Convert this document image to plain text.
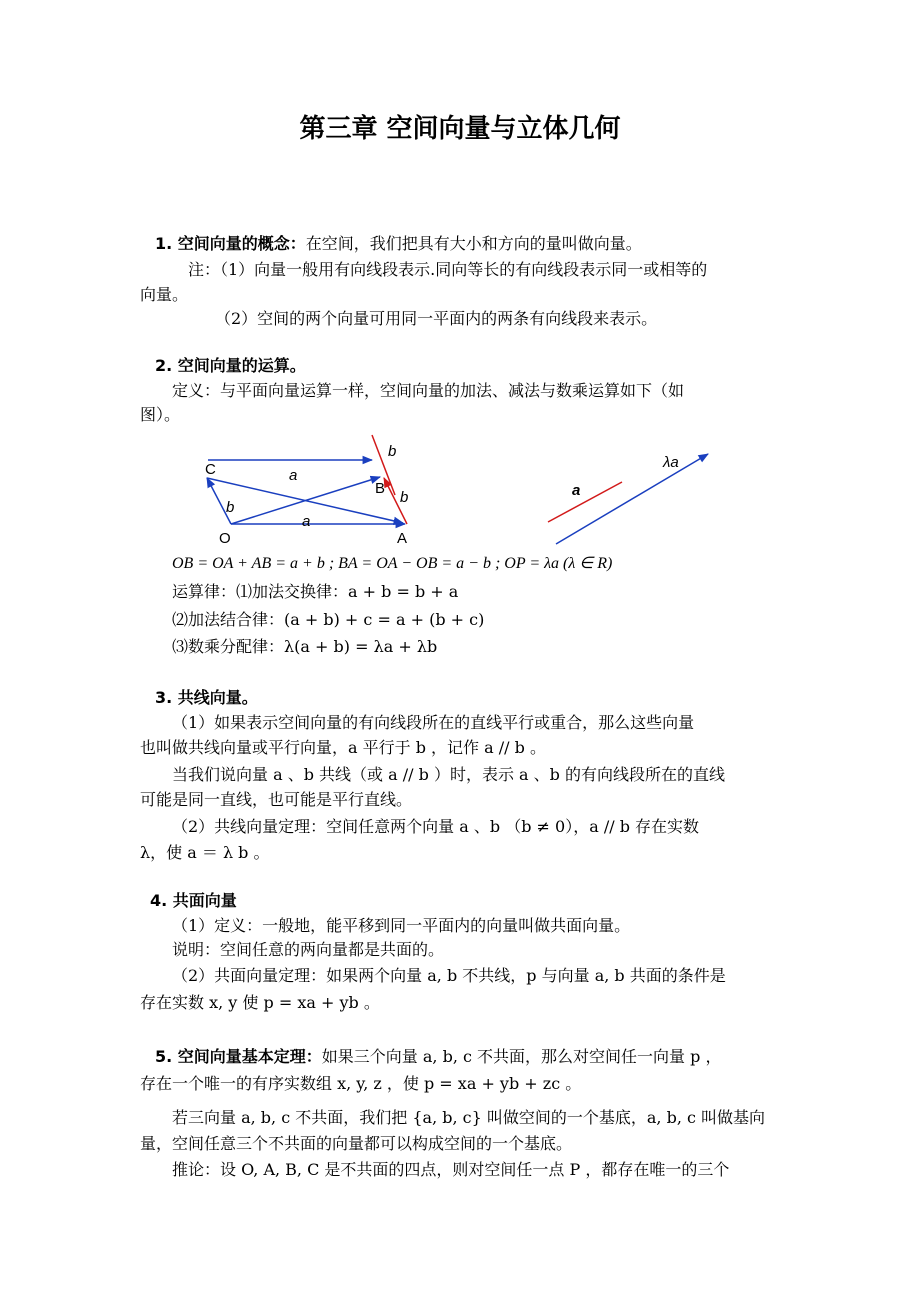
第三章 空间向量与立体几何
1. 空间向量的概念：在空间，我们把具有大小和方向的量叫做向量。
注：（1）向量一般用有向线段表示.同向等长的有向线段表示同一或相等的
向量。
（2）空间的两个向量可用同一平面内的两条有向线段来表示。
2. 空间向量的运算。
定义：与平面向量运算一样，空间向量的加法、减法与数乘运算如下（如
图）。
C
B
O	A
a
a
b
b
b	a
λa
OB = OA + AB = a + b ; BA = OA − OB = a − b ; OP = λa (λ ∈ R)
运算律：⑴加法交换律：a + b = b + a
⑵加法结合律：(a + b) + c = a + (b + c)
⑶数乘分配律：λ(a + b) = λa + λb
3. 共线向量。
（1）如果表示空间向量的有向线段所在的直线平行或重合，那么这些向量
也叫做共线向量或平行向量，a 平行于 b ，记作 a // b 。
当我们说向量 a 、b 共线（或 a // b ）时，表示 a 、b 的有向线段所在的直线
可能是同一直线，也可能是平行直线。
（2）共线向量定理：空间任意两个向量 a 、b （b ≠ 0），a // b 存在实数
λ，使 a ＝ λ b 。
4. 共面向量
（1）定义：一般地，能平移到同一平面内的向量叫做共面向量。
说明：空间任意的两向量都是共面的。
（2）共面向量定理：如果两个向量 a, b 不共线，p 与向量 a, b 共面的条件是
存在实数 x, y 使 p = xa + yb 。
5. 空间向量基本定理：如果三个向量 a, b, c 不共面，那么对空间任一向量 p ，
存在一个唯一的有序实数组 x, y, z ，使 p = xa + yb + zc 。
若三向量 a, b, c 不共面，我们把 {a, b, c} 叫做空间的一个基底，a, b, c 叫做基向
量，空间任意三个不共面的向量都可以构成空间的一个基底。
推论：设 O, A, B, C 是不共面的四点，则对空间任一点 P ，都存在唯一的三个
